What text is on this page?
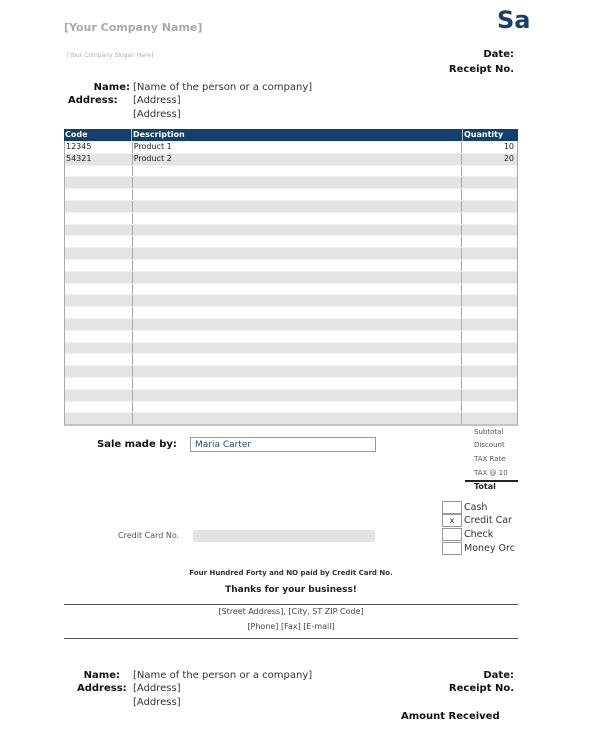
[Your Company Name]
[Your Company Slogan Here]
Sa
Date:
Receipt No.
Name: [Name of the person or a company]
Address: [Address]
[Address]
Code	Description	Quantity
12345	Product 1	10
54321	Product 2	20
Sale made by:	Maria Carter
Subtotal
Discount
TAX Rate
TAX @ 10
Total
Cash
x	Credit Car
Check
Money Orc
Credit Card No.
Four Hundred Forty and NO paid by Credit Card No.
Thanks for your business!
[Street Address], [City, ST ZIP Code]
[Phone] [Fax] [E-mail]
Name: [Name of the person or a company]
Address: [Address]
[Address]
Date:
Receipt No.
Amount Received
